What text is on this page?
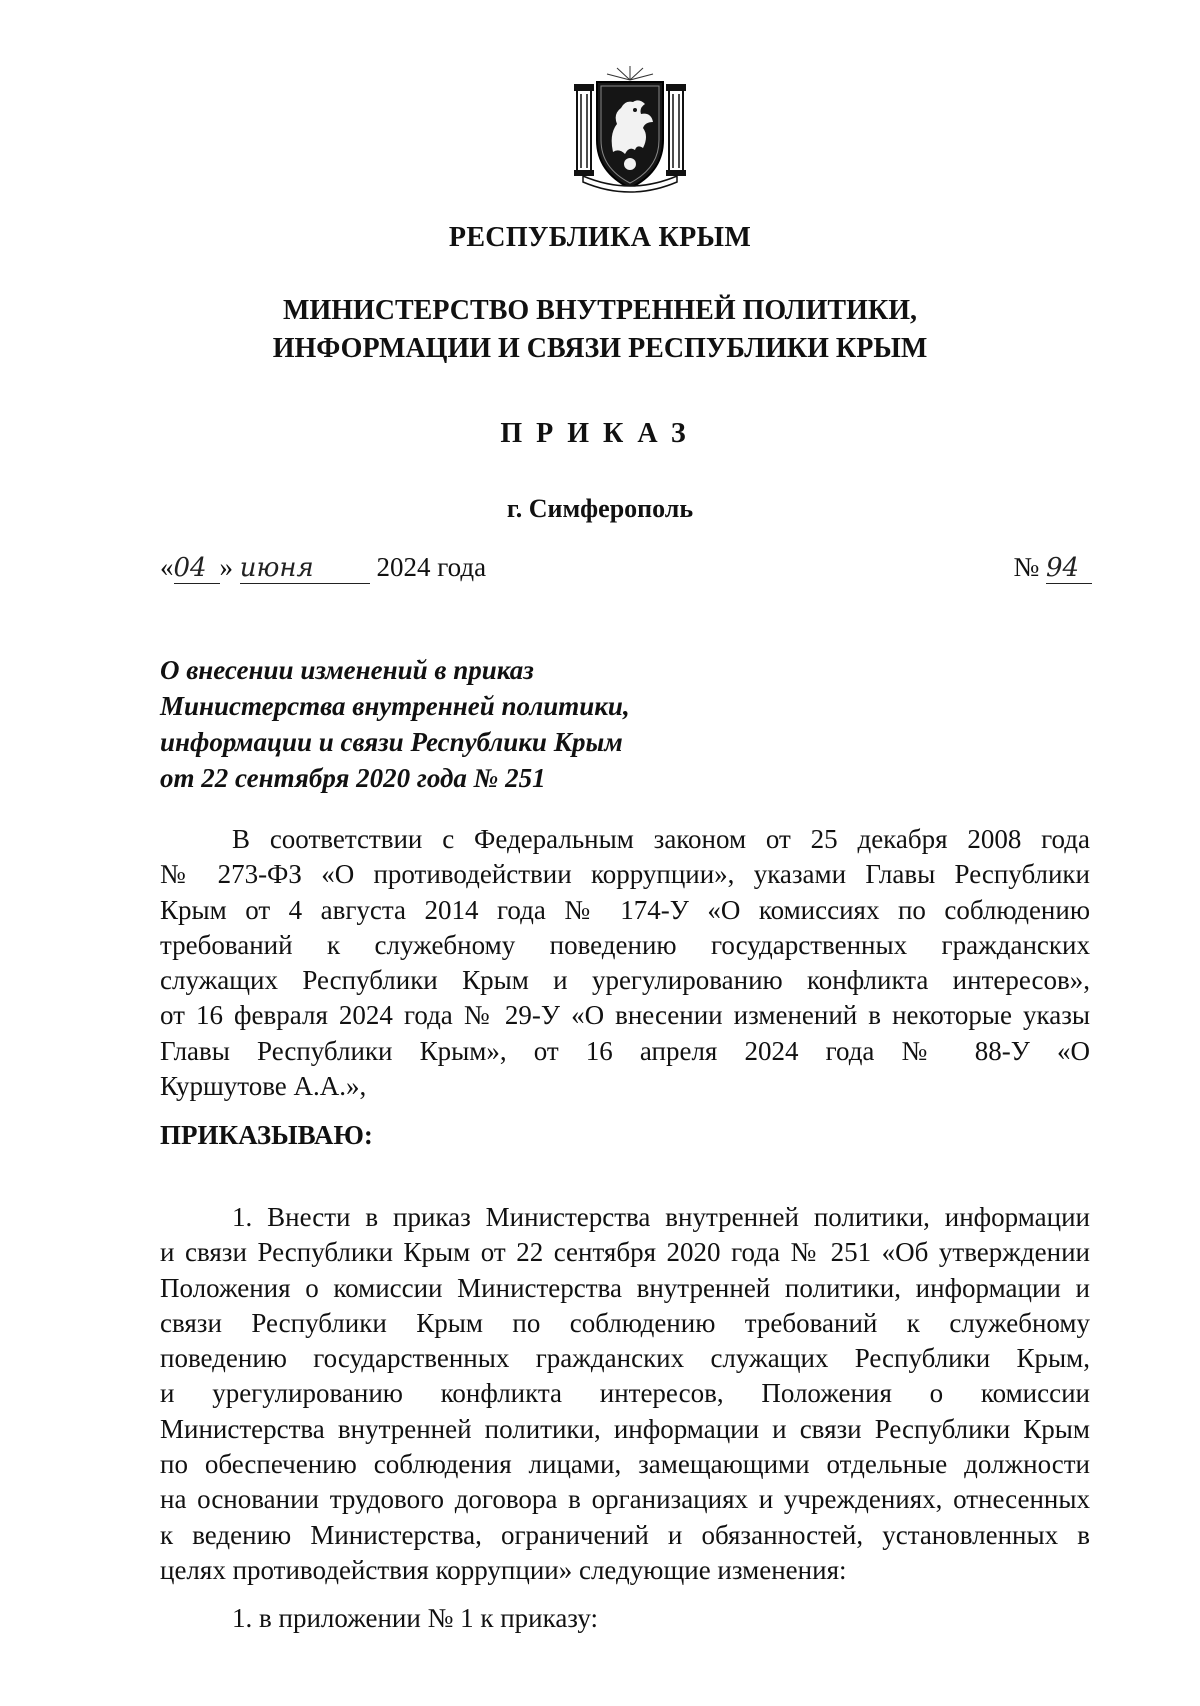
РЕСПУБЛИКА КРЫМ
МИНИСТЕРСТВО ВНУТРЕННЕЙ ПОЛИТИКИ,
ИНФОРМАЦИИ И СВЯЗИ РЕСПУБЛИКИ КРЫМ
ПРИКАЗ
г. Симферополь
«04 » июня 2024 года	№ 94
О внесении изменений в приказ
Министерства внутренней политики,
информации и связи Республики Крым
от 22 сентября 2020 года № 251
В соответствии с Федеральным законом от 25 декабря 2008 года
№ 273-ФЗ «О противодействии коррупции», указами Главы Республики
Крым от 4 августа 2014 года № 174-У «О комиссиях по соблюдению
требований к служебному поведению государственных гражданских
служащих Республики Крым и урегулированию конфликта интересов»,
от 16 февраля 2024 года № 29-У «О внесении изменений в некоторые указы
Главы Республики Крым», от 16 апреля 2024 года № 88-У «О
Куршутове А.А.»,
ПРИКАЗЫВАЮ:
1. Внести в приказ Министерства внутренней политики, информации
и связи Республики Крым от 22 сентября 2020 года № 251 «Об утверждении
Положения о комиссии Министерства внутренней политики, информации и
связи Республики Крым по соблюдению требований к служебному
поведению государственных гражданских служащих Республики Крым,
и урегулированию конфликта интересов, Положения о комиссии
Министерства внутренней политики, информации и связи Республики Крым
по обеспечению соблюдения лицами, замещающими отдельные должности
на основании трудового договора в организациях и учреждениях, отнесенных
к ведению Министерства, ограничений и обязанностей, установленных в
целях противодействия коррупции» следующие изменения:
1. в приложении № 1 к приказу:
